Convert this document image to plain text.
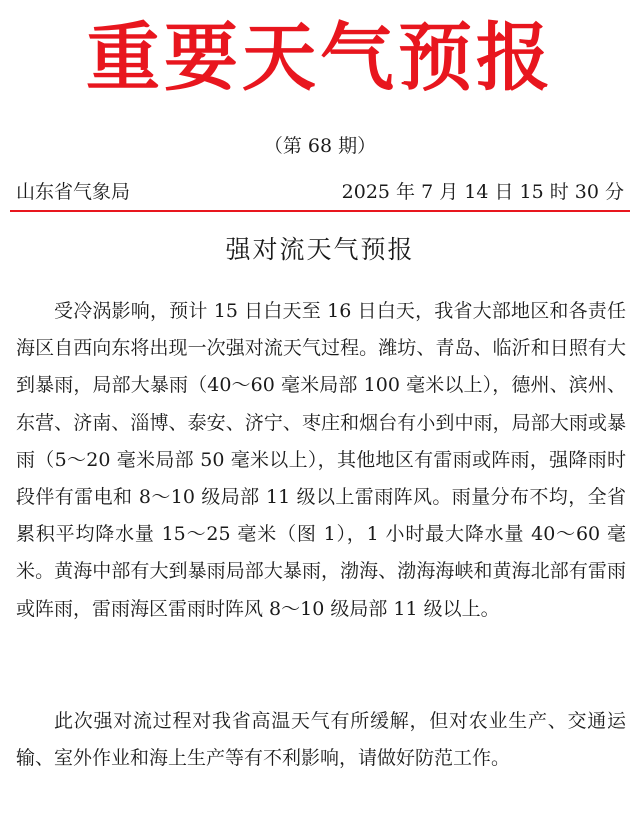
重要天气预报
（第 68 期）
山东省气象局	2025 年 7 月 14 日 15 时 30 分
强对流天气预报

受冷涡影响，预计 15 日白天至 16 日白天，我省大部地区和各责任海区自西向东将出现一次强对流天气过程。潍坊、青岛、临沂和日照有大到暴雨，局部大暴雨（40～60 毫米局部 100 毫米以上），德州、滨州、东营、济南、淄博、泰安、济宁、枣庄和烟台有小到中雨，局部大雨或暴雨（5～20 毫米局部 50 毫米以上），其他地区有雷雨或阵雨，强降雨时段伴有雷电和 8～10 级局部 11 级以上雷雨阵风。雨量分布不均，全省累积平均降水量 15～25 毫米（图 1），1 小时最大降水量 40～60 毫米。黄海中部有大到暴雨局部大暴雨，渤海、渤海海峡和黄海北部有雷雨或阵雨，雷雨海区雷雨时阵风 8～10 级局部 11 级以上。

此次强对流过程对我省高温天气有所缓解，但对农业生产、交通运输、室外作业和海上生产等有不利影响，请做好防范工作。
